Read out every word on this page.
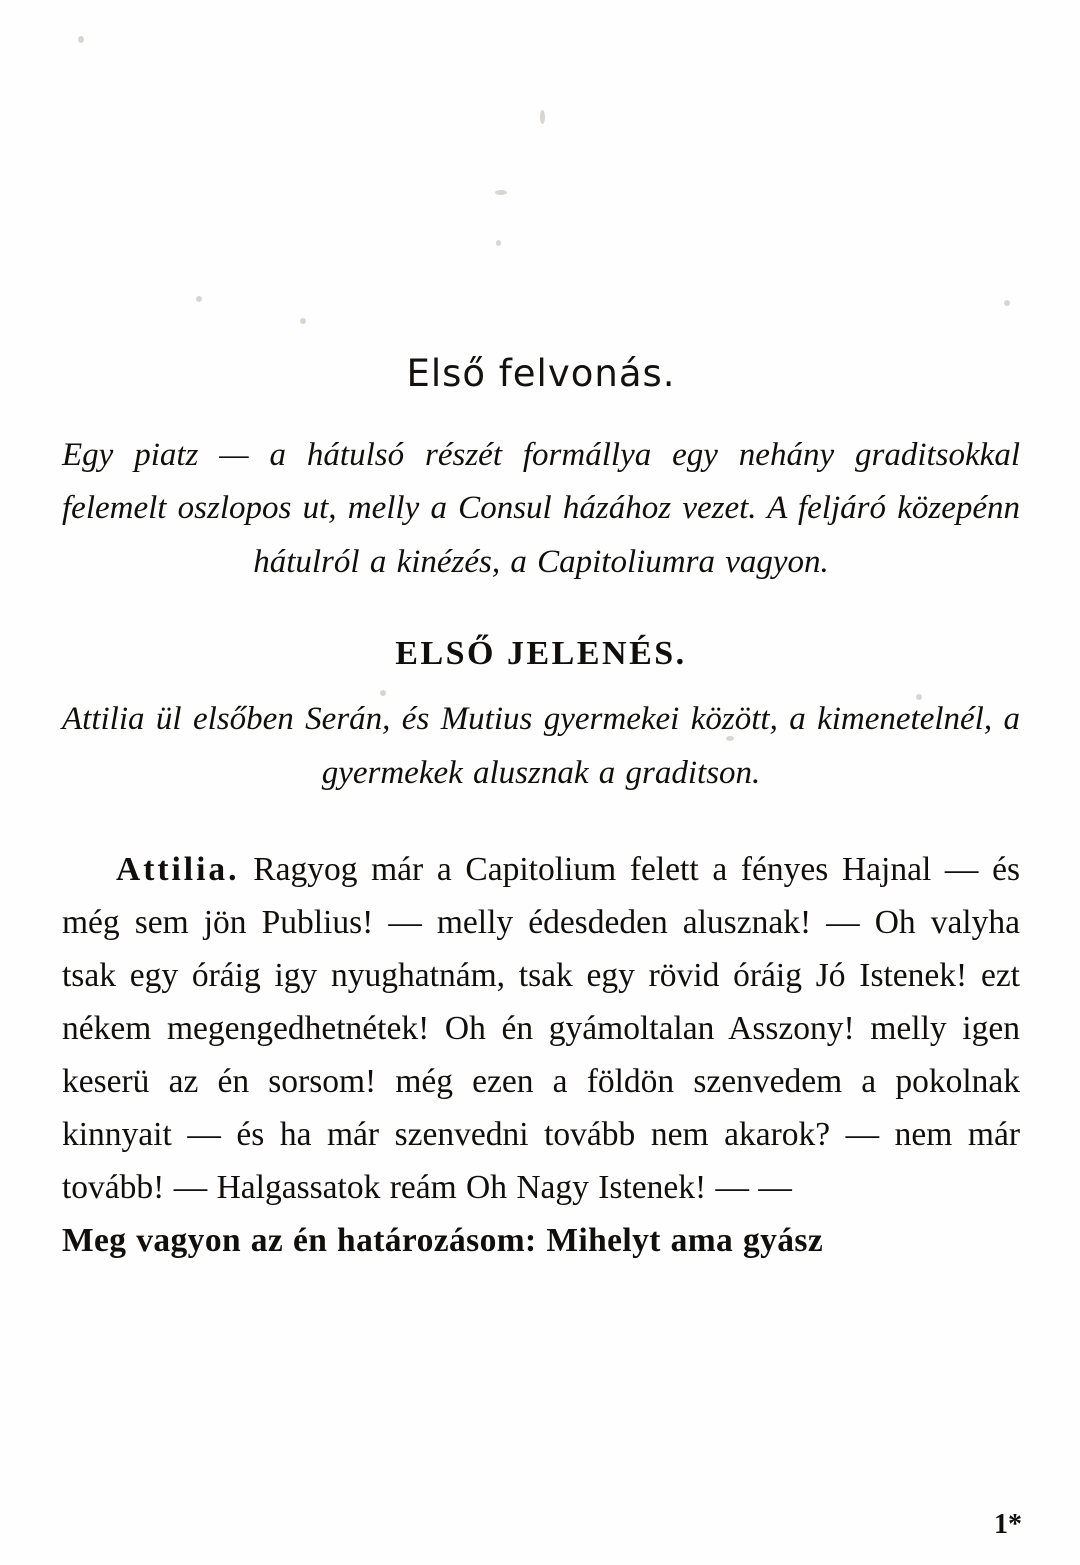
Első felvonás.

Egy piatz — a hátulsó részét formállya egy nehány graditsokkal felemelt oszlopos ut, melly a Consul házához vezet. A feljáró közepénn hátulról a kinézés, a Capitoliumra vagyon.

ELSŐ JELENÉS.

Attilia ül elsőben Serán, és Mutius gyermekei között, a kimenetelnél, a gyermekek alusznak a graditson.

Attilia. Ragyog már a Capitolium felett a fényes Hajnal — és még sem jön Publius! — melly édesdeden alusznak! — Oh valyha tsak egy óráig igy nyughatnám, tsak egy rövid óráig Jó Istenek! ezt nékem megengedhetnétek! Oh én gyámoltalan Asszony! melly igen keserü az én sorsom! még ezen a földön szenvedem a pokolnak kinnyait — és ha már szenvedni tovább nem akarok? — nem már tovább! — Halgassatok reám Oh Nagy Istenek! — —
Meg vagyon az én határozásom: Mihelyt ama gyász

1*
